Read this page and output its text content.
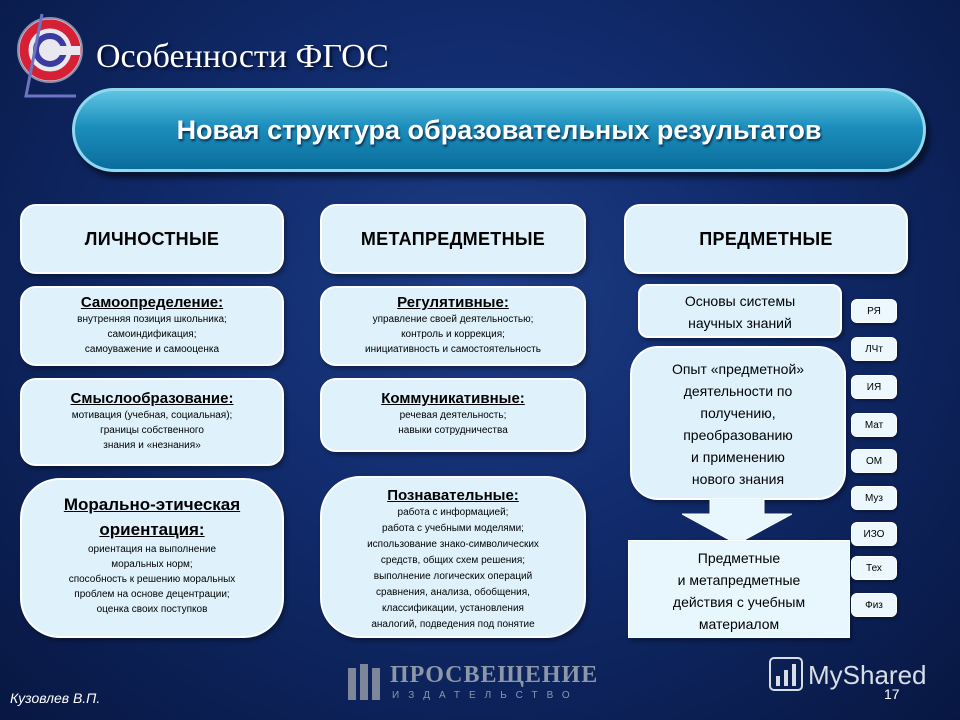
Особенности ФГОС
Новая структура образовательных результатов
ЛИЧНОСТНЫЕ
Самоопределение:
внутренняя позиция школьника;
самоиндификация;
самоуважение и самооценка
Смыслообразование:
мотивация (учебная, социальная);
границы собственного
знания и «незнания»
Морально-этическая
ориентация:
ориентация на выполнение
моральных норм;
способность к решению моральных
проблем на основе децентрации;
оценка своих поступков
МЕТАПРЕДМЕТНЫЕ
Регулятивные:
управление своей деятельностью;
контроль и коррекция;
инициативность и самостоятельность
Коммуникативные:
речевая деятельность;
навыки сотрудничества
Познавательные:
работа с информацией;
работа с учебными моделями;
использование знако-символических
средств, общих схем решения;
выполнение логических операций
сравнения, анализа, обобщения,
классификации, установления
аналогий, подведения под понятие
ПРЕДМЕТНЫЕ
Основы системы
научных знаний
Опыт «предметной»
деятельности по
получению,
преобразованию
и применению
нового знания
Предметные
и метапредметные
действия с учебным
материалом
РЯ
ЛЧт
ИЯ
Мат
ОМ
Муз
ИЗО
Тех
Физ
Кузовлев В.П.
ПРОСВЕЩЕНИЕ
ИЗДАТЕЛЬСТВО
MyShared
17
